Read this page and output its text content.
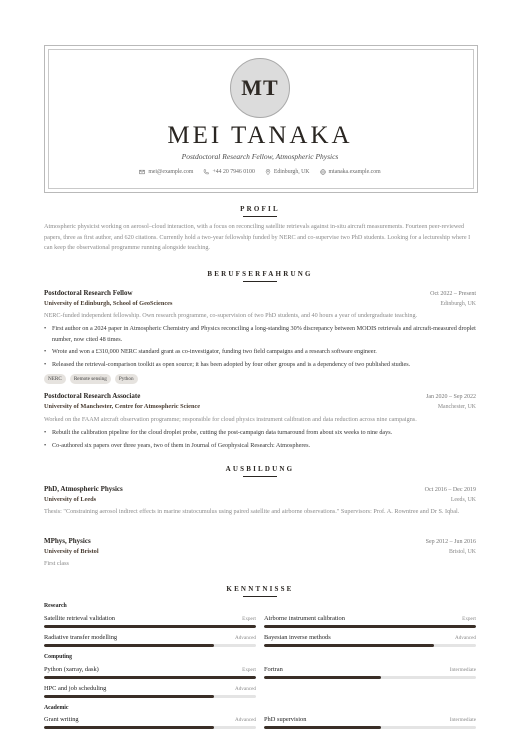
MT
MEI TANAKA
Postdoctoral Research Fellow, Atmospheric Physics
mei@example.com	+44 20 7946 0100	Edinburgh, UK	mtanaka.example.com
PROFIL
Atmospheric physicist working on aerosol–cloud interaction, with a focus on reconciling satellite retrievals against in-situ aircraft measurements. Fourteen peer-reviewed papers, three as first author, and 620 citations. Currently hold a two-year fellowship funded by NERC and co-supervise two PhD students. Looking for a lectureship where I can keep the observational programme running alongside teaching.
BERUFSERFAHRUNG
Postdoctoral Research Fellow	Oct 2022 – Present
University of Edinburgh, School of GeoSciences	Edinburgh, UK
NERC-funded independent fellowship. Own research programme, co-supervision of two PhD students, and 40 hours a year of undergraduate teaching.
• First author on a 2024 paper in Atmospheric Chemistry and Physics reconciling a long-standing 30% discrepancy between MODIS retrievals and aircraft-measured droplet number, now cited 48 times.
• Wrote and won a £310,000 NERC standard grant as co-investigator, funding two field campaigns and a research software engineer.
• Released the retrieval-comparison toolkit as open source; it has been adopted by four other groups and is a dependency of two published studies.
NERC	Remote sensing	Python
Postdoctoral Research Associate	Jan 2020 – Sep 2022
University of Manchester, Centre for Atmospheric Science	Manchester, UK
Worked on the FAAM aircraft observation programme; responsible for cloud physics instrument calibration and data reduction across nine campaigns.
• Rebuilt the calibration pipeline for the cloud droplet probe, cutting the post-campaign data turnaround from about six weeks to nine days.
• Co-authored six papers over three years, two of them in Journal of Geophysical Research: Atmospheres.
AUSBILDUNG
PhD, Atmospheric Physics	Oct 2016 – Dec 2019
University of Leeds	Leeds, UK
Thesis: "Constraining aerosol indirect effects in marine stratocumulus using paired satellite and airborne observations." Supervisors: Prof. A. Rowntree and Dr S. Iqbal.
MPhys, Physics	Sep 2012 – Jun 2016
University of Bristol	Bristol, UK
First class
KENNTNISSE
Research
Satellite retrieval validation	Expert Airborne instrument calibration	Expert
Radiative transfer modelling	Advanced Bayesian inverse methods	Advanced
Computing
Python (xarray, dask)	Expert Fortran	Intermediate
HPC and job scheduling	Advanced
Academic
Grant writing	Advanced PhD supervision	Intermediate
